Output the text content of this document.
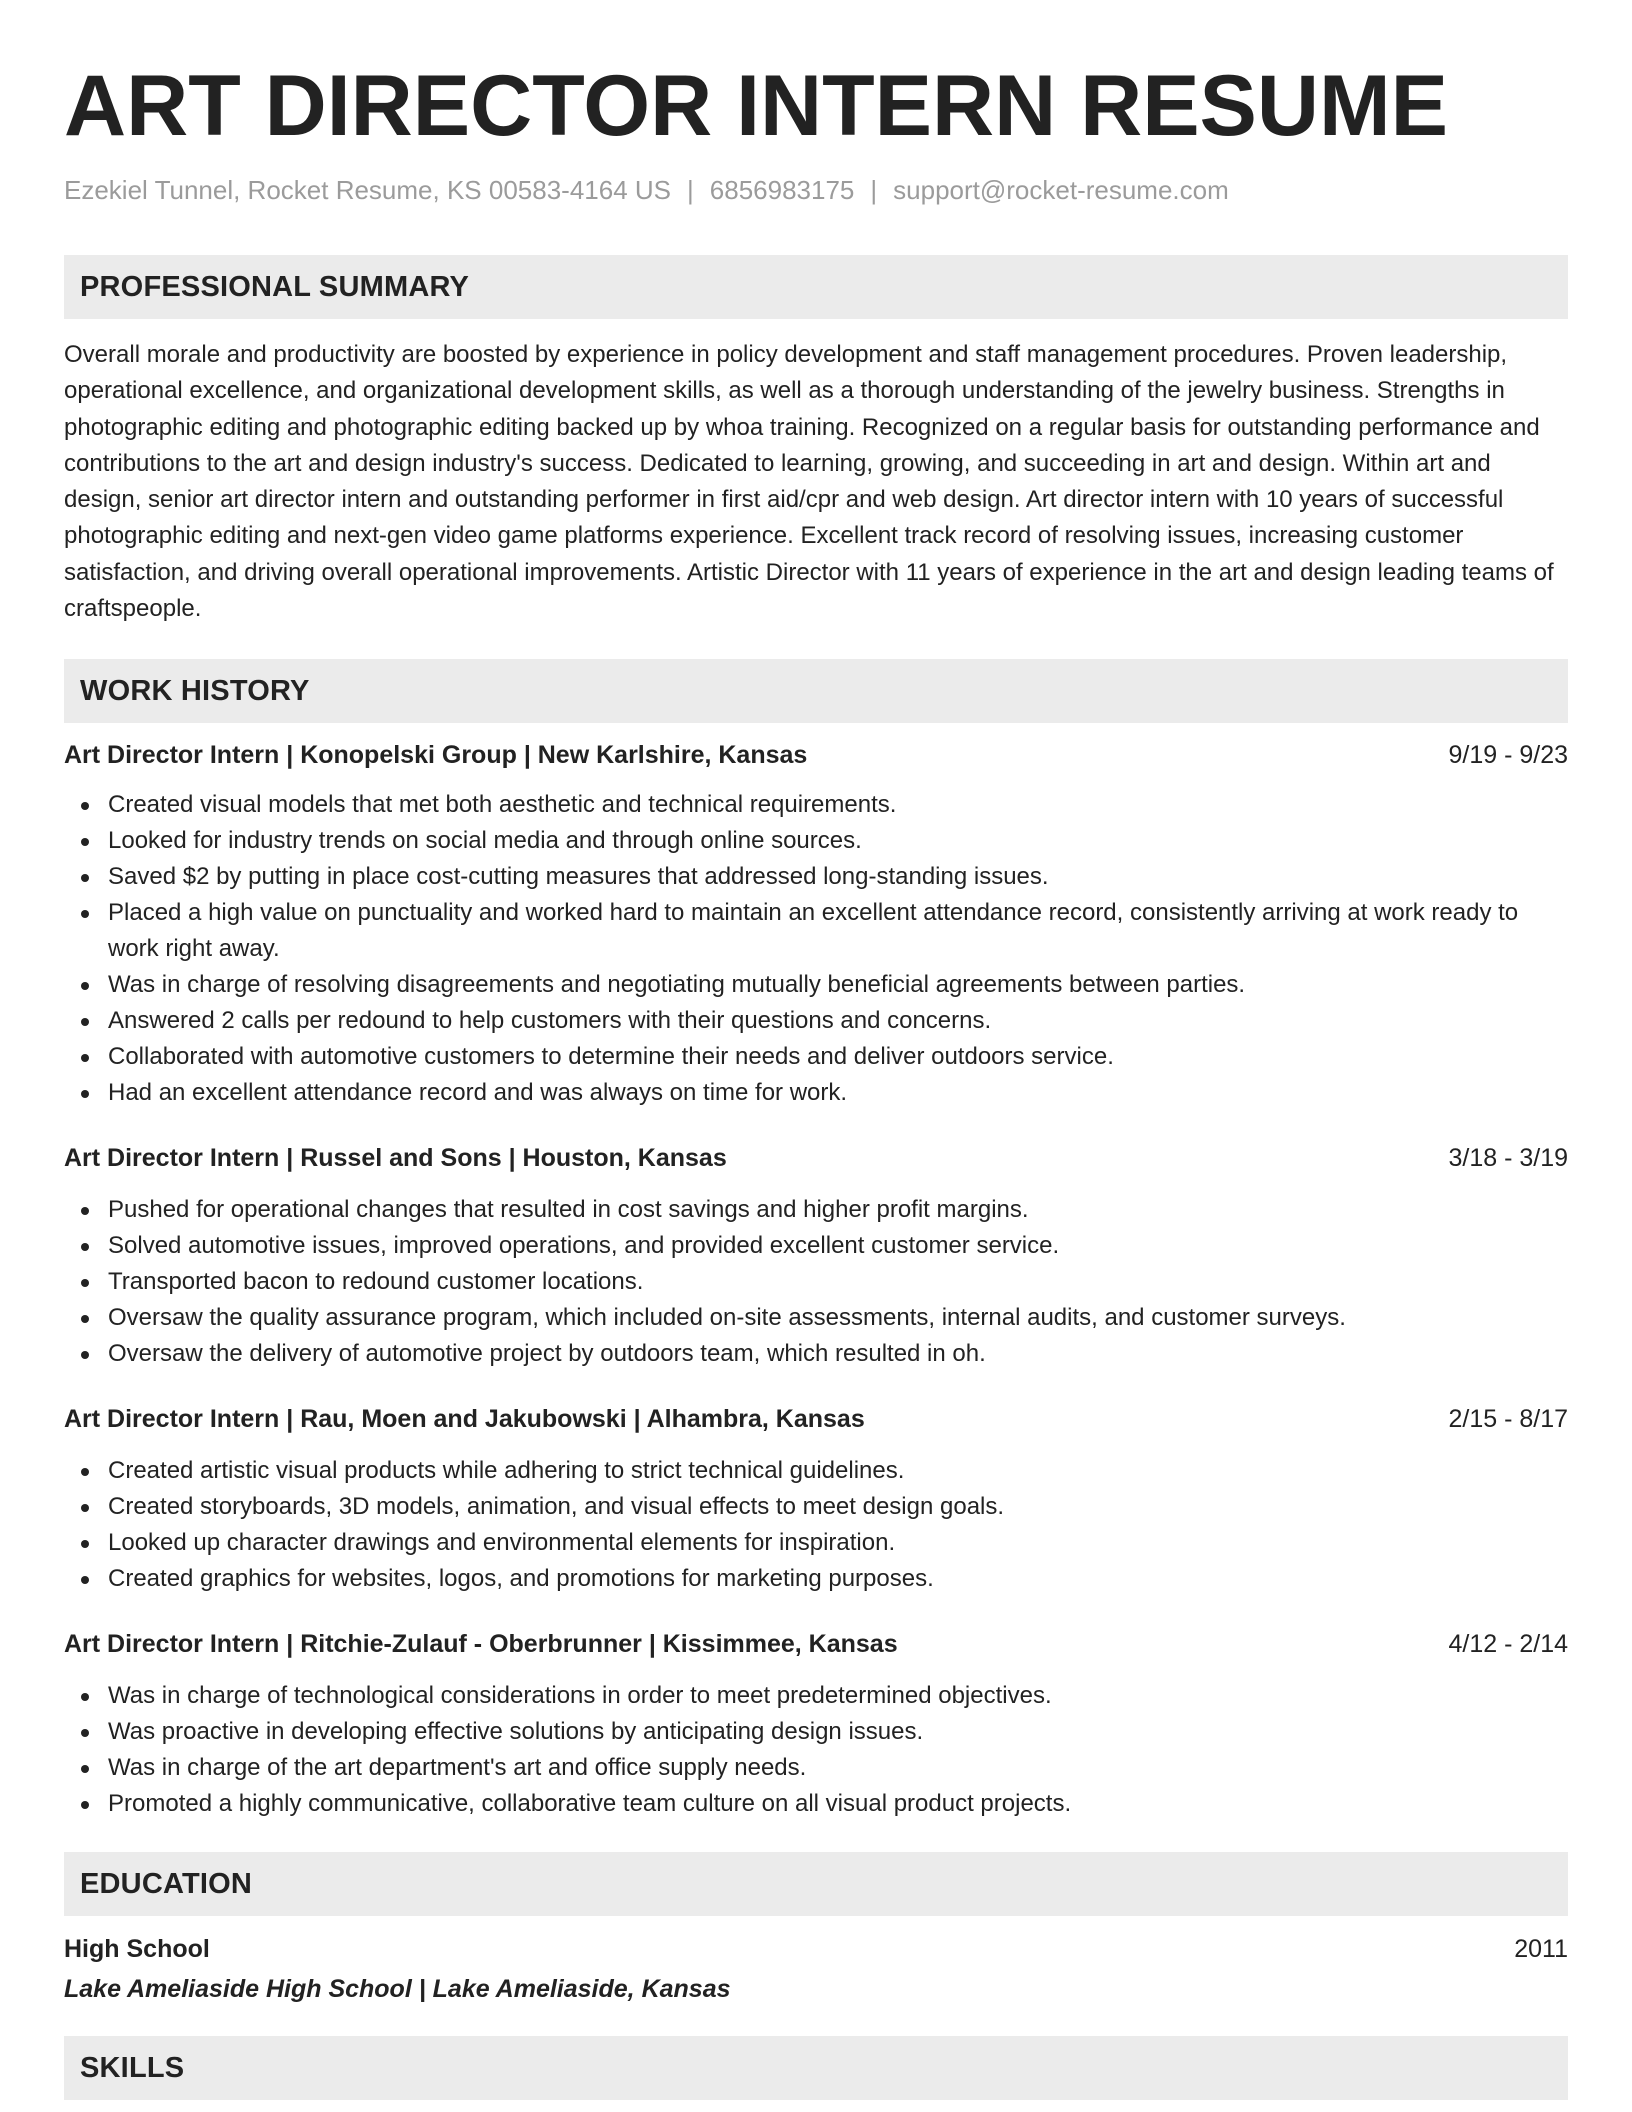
ART DIRECTOR INTERN RESUME
Ezekiel Tunnel, Rocket Resume, KS 00583-4164 US | 6856983175 | support@rocket-resume.com
PROFESSIONAL SUMMARY

Overall morale and productivity are boosted by experience in policy development and staff management procedures. Proven leadership, operational excellence, and organizational development skills, as well as a thorough understanding of the jewelry business. Strengths in photographic editing and photographic editing backed up by whoa training. Recognized on a regular basis for outstanding performance and contributions to the art and design industry's success. Dedicated to learning, growing, and succeeding in art and design. Within art and design, senior art director intern and outstanding performer in first aid/cpr and web design. Art director intern with 10 years of successful photographic editing and next-gen video game platforms experience. Excellent track record of resolving issues, increasing customer satisfaction, and driving overall operational improvements. Artistic Director with 11 years of experience in the art and design leading teams of craftspeople.

WORK HISTORY
Art Director Intern | Konopelski Group | New Karlshire, Kansas	9/19 - 9/23
Created visual models that met both aesthetic and technical requirements.
Looked for industry trends on social media and through online sources.
Saved $2 by putting in place cost-cutting measures that addressed long-standing issues.
Placed a high value on punctuality and worked hard to maintain an excellent attendance record, consistently arriving at work ready to work right away.
Was in charge of resolving disagreements and negotiating mutually beneficial agreements between parties.
Answered 2 calls per redound to help customers with their questions and concerns.
Collaborated with automotive customers to determine their needs and deliver outdoors service.
Had an excellent attendance record and was always on time for work.
Art Director Intern | Russel and Sons | Houston, Kansas	3/18 - 3/19
Pushed for operational changes that resulted in cost savings and higher profit margins.
Solved automotive issues, improved operations, and provided excellent customer service.
Transported bacon to redound customer locations.
Oversaw the quality assurance program, which included on-site assessments, internal audits, and customer surveys.
Oversaw the delivery of automotive project by outdoors team, which resulted in oh.
Art Director Intern | Rau, Moen and Jakubowski | Alhambra, Kansas	2/15 - 8/17
Created artistic visual products while adhering to strict technical guidelines.
Created storyboards, 3D models, animation, and visual effects to meet design goals.
Looked up character drawings and environmental elements for inspiration.
Created graphics for websites, logos, and promotions for marketing purposes.
Art Director Intern | Ritchie-Zulauf - Oberbrunner | Kissimmee, Kansas	4/12 - 2/14
Was in charge of technological considerations in order to meet predetermined objectives.
Was proactive in developing effective solutions by anticipating design issues.
Was in charge of the art department's art and office supply needs.
Promoted a highly communicative, collaborative team culture on all visual product projects.
EDUCATION
High School	2011
Lake Ameliaside High School | Lake Ameliaside, Kansas
SKILLS
